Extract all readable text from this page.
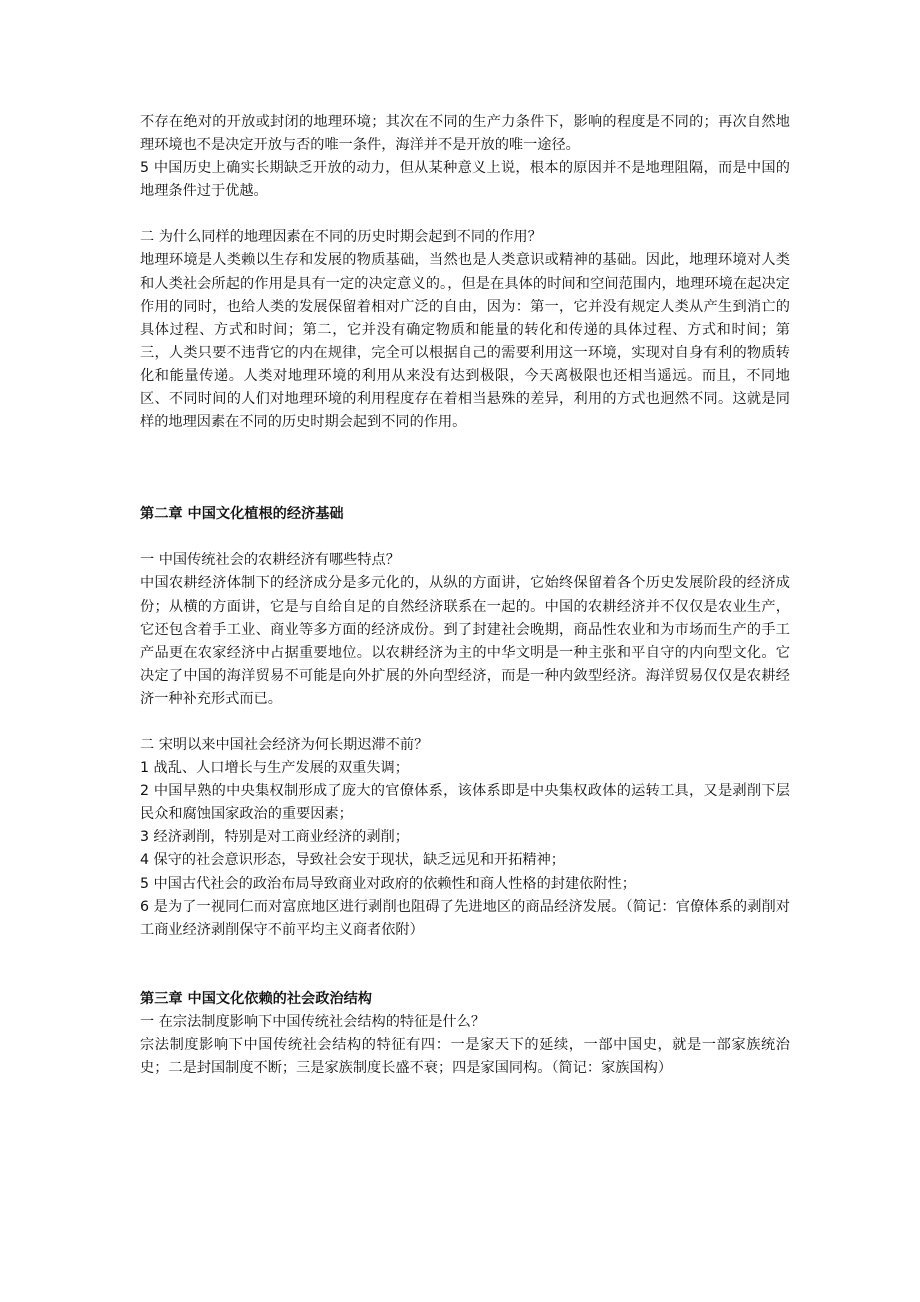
不存在绝对的开放或封闭的地理环境；其次在不同的生产力条件下，影响的程度是不同的；再次自然地理环境也不是决定开放与否的唯一条件，海洋并不是开放的唯一途径。

5 中国历史上确实长期缺乏开放的动力，但从某种意义上说，根本的原因并不是地理阻隔，而是中国的地理条件过于优越。

二 为什么同样的地理因素在不同的历史时期会起到不同的作用？

地理环境是人类赖以生存和发展的物质基础，当然也是人类意识或精神的基础。因此，地理环境对人类和人类社会所起的作用是具有一定的决定意义的。，但是在具体的时间和空间范围内，地理环境在起决定作用的同时，也给人类的发展保留着相对广泛的自由，因为：第一，它并没有规定人类从产生到消亡的具体过程、方式和时间；第二，它并没有确定物质和能量的转化和传递的具体过程、方式和时间；第三，人类只要不违背它的内在规律，完全可以根据自己的需要利用这一环境，实现对自身有利的物质转化和能量传递。人类对地理环境的利用从来没有达到极限，今天离极限也还相当遥远。而且，不同地区、不同时间的人们对地理环境的利用程度存在着相当悬殊的差异，利用的方式也迥然不同。这就是同样的地理因素在不同的历史时期会起到不同的作用。

第二章 中国文化植根的经济基础

一 中国传统社会的农耕经济有哪些特点？

中国农耕经济体制下的经济成分是多元化的，从纵的方面讲，它始终保留着各个历史发展阶段的经济成份；从横的方面讲，它是与自给自足的自然经济联系在一起的。中国的农耕经济并不仅仅是农业生产，它还包含着手工业、商业等多方面的经济成份。到了封建社会晚期，商品性农业和为市场而生产的手工产品更在农家经济中占据重要地位。以农耕经济为主的中华文明是一种主张和平自守的内向型文化。它决定了中国的海洋贸易不可能是向外扩展的外向型经济，而是一种内敛型经济。海洋贸易仅仅是农耕经济一种补充形式而已。

二 宋明以来中国社会经济为何长期迟滞不前？

1 战乱、人口增长与生产发展的双重失调；

2 中国早熟的中央集权制形成了庞大的官僚体系，该体系即是中央集权政体的运转工具，又是剥削下层民众和腐蚀国家政治的重要因素；

3 经济剥削，特别是对工商业经济的剥削；

4 保守的社会意识形态，导致社会安于现状，缺乏远见和开拓精神；

5 中国古代社会的政治布局导致商业对政府的依赖性和商人性格的封建依附性；

6 是为了一视同仁而对富庶地区进行剥削也阻碍了先进地区的商品经济发展。（简记：官僚体系的剥削对工商业经济剥削保守不前平均主义商者依附）

第三章 中国文化依赖的社会政治结构

一 在宗法制度影响下中国传统社会结构的特征是什么？

宗法制度影响下中国传统社会结构的特征有四：一是家天下的延续，一部中国史，就是一部家族统治史；二是封国制度不断；三是家族制度长盛不衰；四是家国同构。（简记：家族国构）
